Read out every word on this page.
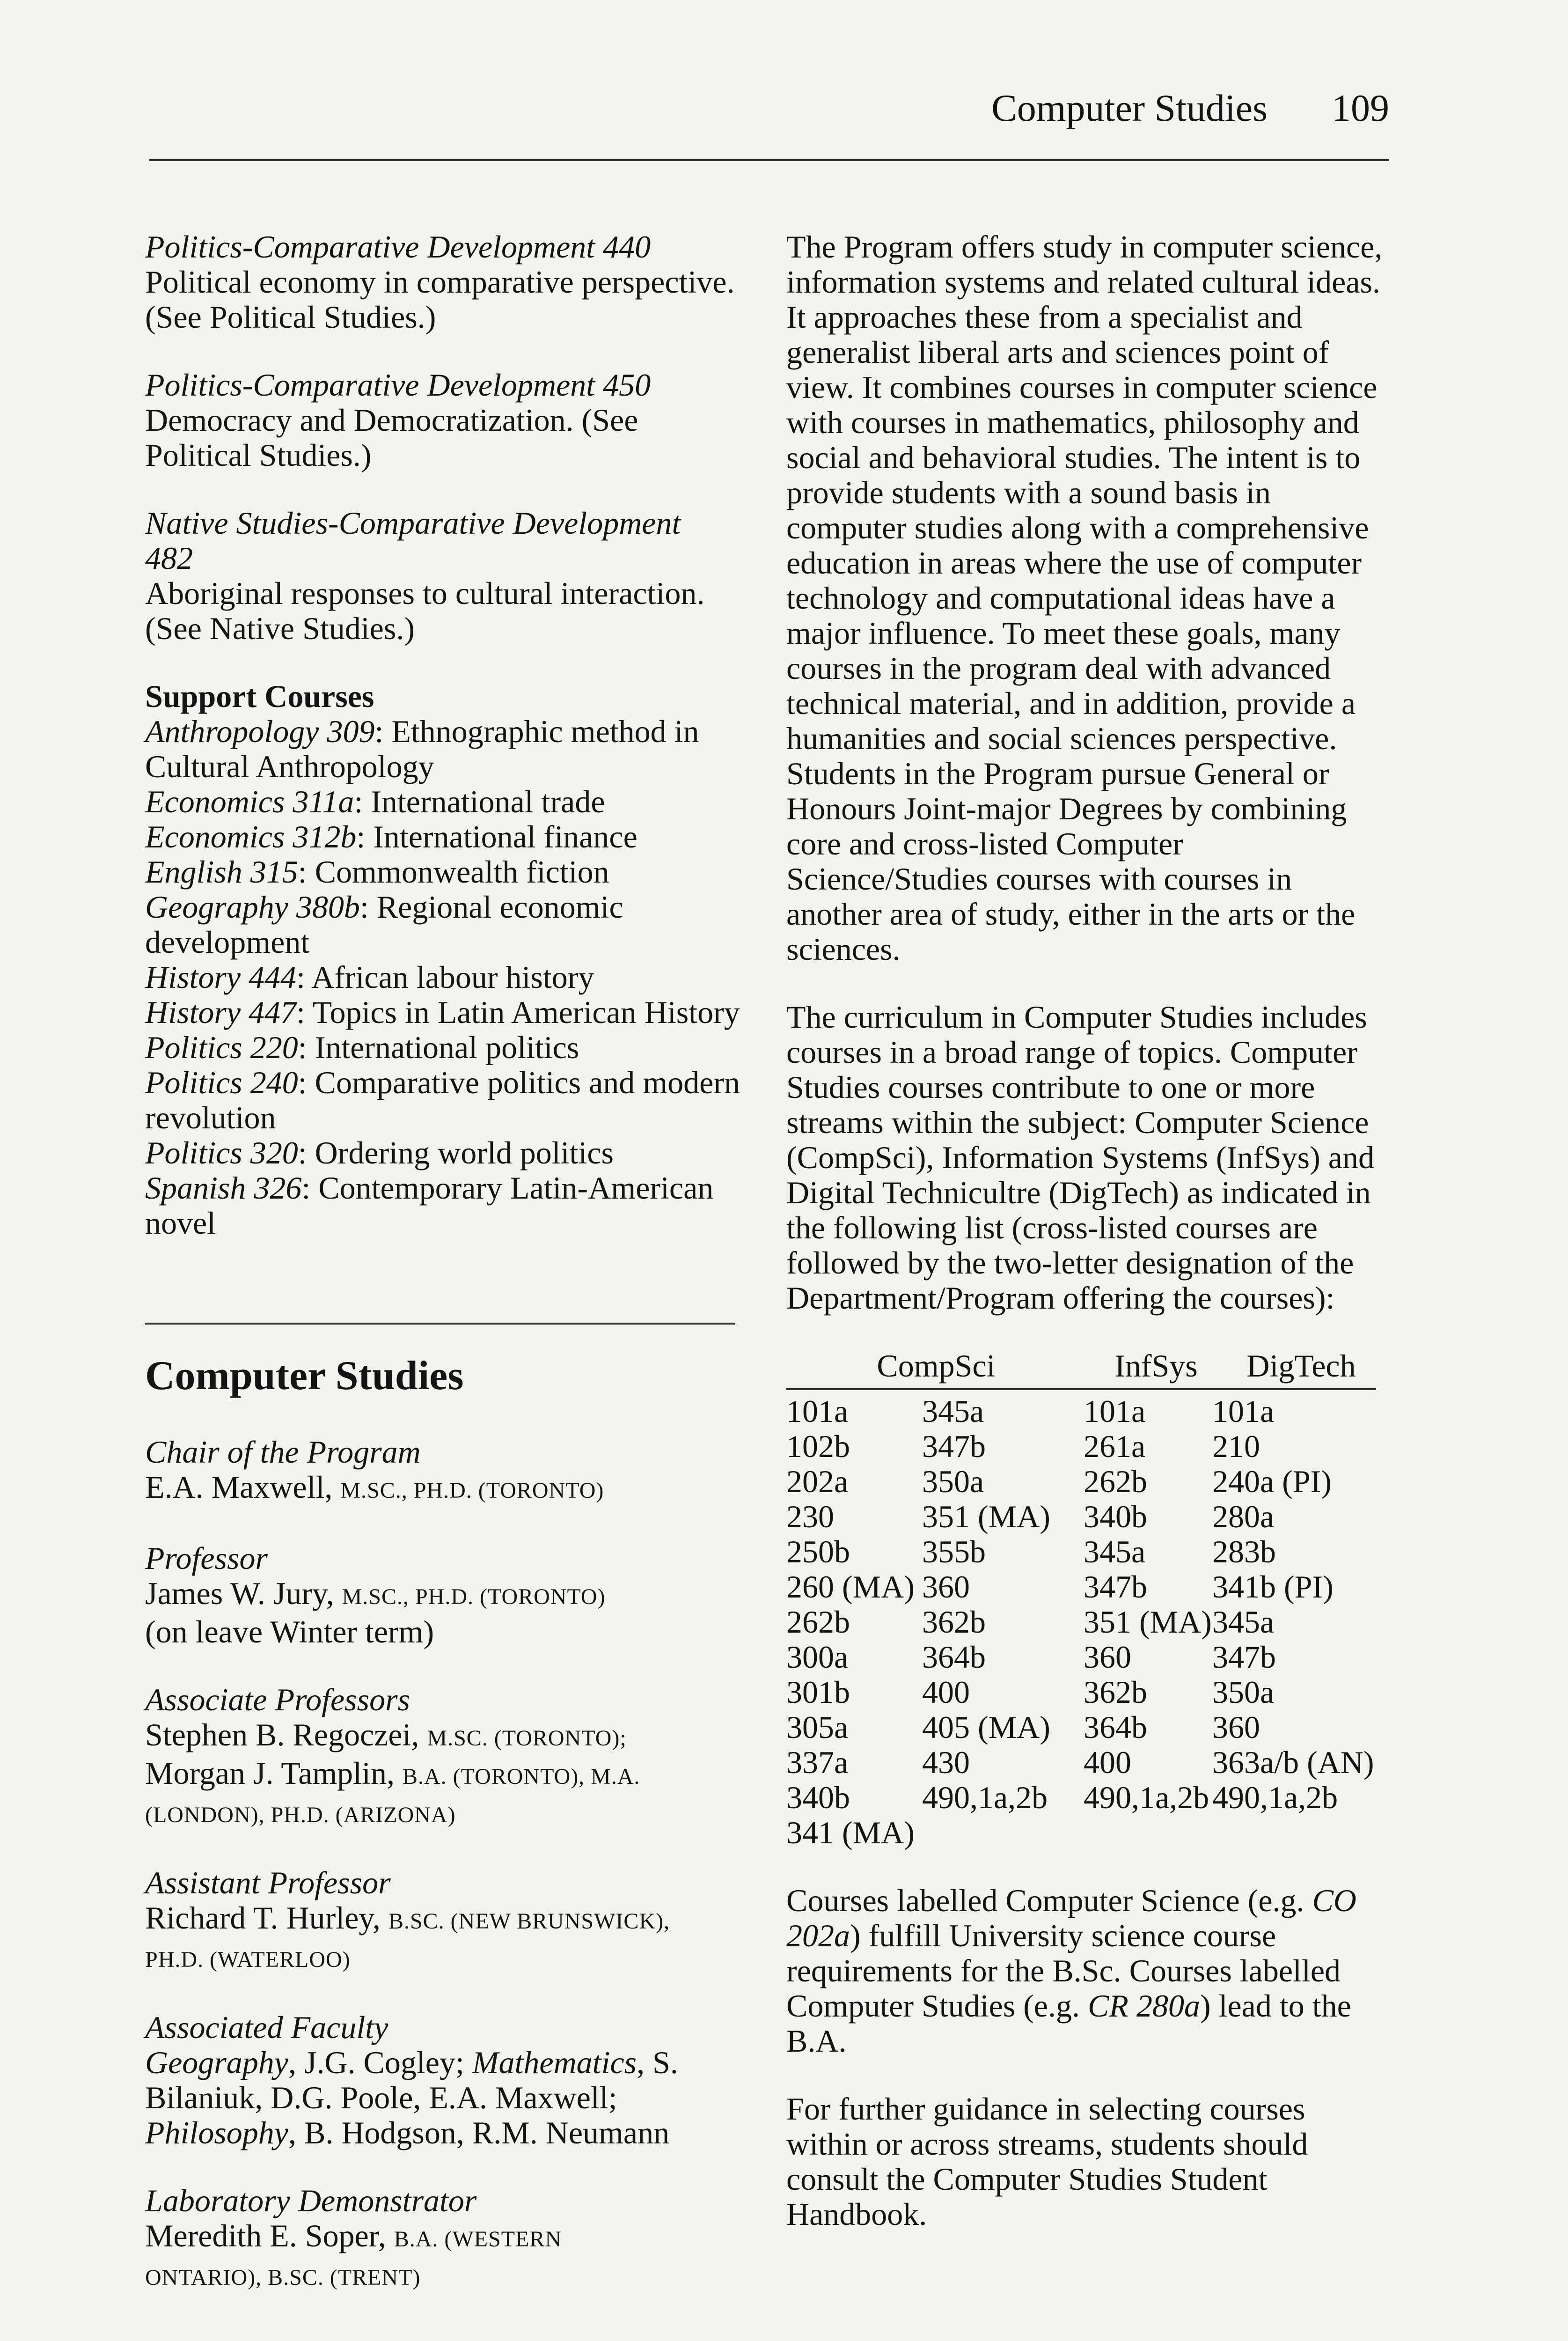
Computer Studies 109

Politics-Comparative Development 440

Political economy in comparative perspective. (See Political Studies.)

Politics-Comparative Development 450

Democracy and Democratization. (See Political Studies.)

Native Studies-Comparative Development

482

Aboriginal responses to cultural interaction. (See Native Studies.)

Support Courses

Anthropology 309: Ethnographic method in Cultural Anthropology

Economics 311a: International trade

Economics 312b: International finance

English 315: Commonwealth fiction

Geography 380b: Regional economic development

History 444: African labour history

History 447: Topics in Latin American History

Politics 220: International politics

Politics 240: Comparative politics and modern revolution

Politics 320: Ordering world politics

Spanish 326: Contemporary Latin-American novel

Computer Studies

Chair of the Program

E.A. Maxwell, M.SC., PH.D. (TORONTO)

Professor

James W. Jury, M.SC., PH.D. (TORONTO)

(on leave Winter term)

Associate Professors

Stephen B. Regoczei, M.SC. (TORONTO);

Morgan J. Tamplin, B.A. (TORONTO), M.A.

(LONDON), PH.D. (ARIZONA)

Assistant Professor

Richard T. Hurley, B.SC. (NEW BRUNSWICK),

PH.D. (WATERLOO)

Associated Faculty

Geography, J.G. Cogley; Mathematics, S. Bilaniuk, D.G. Poole, E.A. Maxwell; Philosophy, B. Hodgson, R.M. Neumann

Laboratory Demonstrator

Meredith E. Soper, B.A. (WESTERN

ONTARIO), B.SC. (TRENT)

The Program offers study in computer science, information systems and related cultural ideas. It approaches these from a specialist and generalist liberal arts and sciences point of view. It combines courses in computer science with courses in mathematics, philosophy and social and behavioral studies. The intent is to provide students with a sound basis in computer studies along with a comprehensive education in areas where the use of computer technology and computational ideas have a major influence. To meet these goals, many courses in the program deal with advanced technical material, and in addition, provide a humanities and social sciences perspective. Students in the Program pursue General or Honours Joint-major Degrees by combining core and cross-listed Computer Science/Studies courses with courses in another area of study, either in the arts or the sciences.

The curriculum in Computer Studies includes courses in a broad range of topics. Computer Studies courses contribute to one or more streams within the subject: Computer Science (CompSci), Information Systems (InfSys) and Digital Technicultre (DigTech) as indicated in the following list (cross-listed courses are followed by the two-letter designation of the Department/Program offering the courses):

CompSci	InfSys	DigTech
101a	345a	101a	101a
102b	347b	261a	210
202a	350a	262b	240a (PI)
230	351 (MA)	340b	280a
250b	355b	345a	283b
260 (MA) 360	347b	341b (PI)
262b	362b	351 (MA) 345a
300a	364b	360	347b
301b	400	362b	350a
305a	405 (MA)	364b	360
337a	430	400	363a/b (AN)
340b	490,1a,2b	490,1a,2b 490,1a,2b
341 (MA)

Courses labelled Computer Science (e.g. CO 202a) fulfill University science course requirements for the B.Sc. Courses labelled Computer Studies (e.g. CR 280a) lead to the B.A.

For further guidance in selecting courses within or across streams, students should consult the Computer Studies Student Handbook.
